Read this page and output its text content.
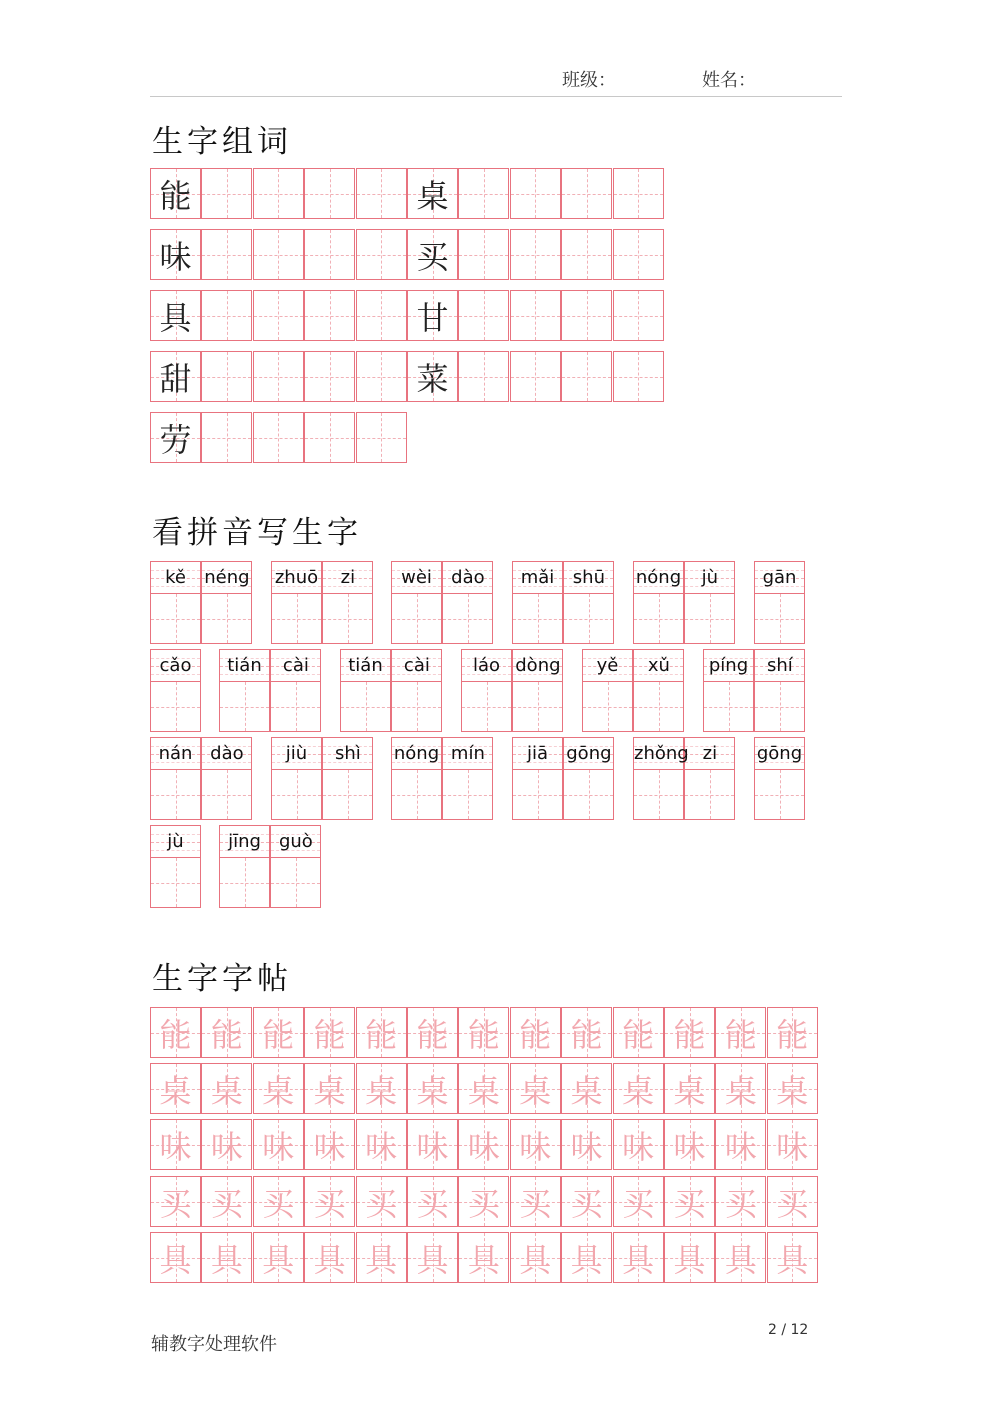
班级：	姓名：
生字组词
看拼音写生字
生字字帖
能	桌
味	买
具	甘
甜	菜
劳
kě	néng zhuō	zi	wèi	dào	mǎi	shū	nóng	jù	gān
cǎo	tián	cài	tián	cài	láo dòng	yě	xǔ	píng	shí
nán dào	jiù	shì	nóng mín	jiā	gōng zhǒng zi	gōng
jù	jīng	guò
能 能 能 能 能 能 能 能 能 能 能 能 能
桌 桌 桌 桌 桌 桌 桌 桌 桌 桌 桌 桌 桌
味 味 味 味 味 味 味 味 味 味 味 味 味
买 买 买 买 买 买 买 买 买 买 买 买 买
具 具 具 具 具 具 具 具 具 具 具 具 具
辅教字处理软件
2 / 12
